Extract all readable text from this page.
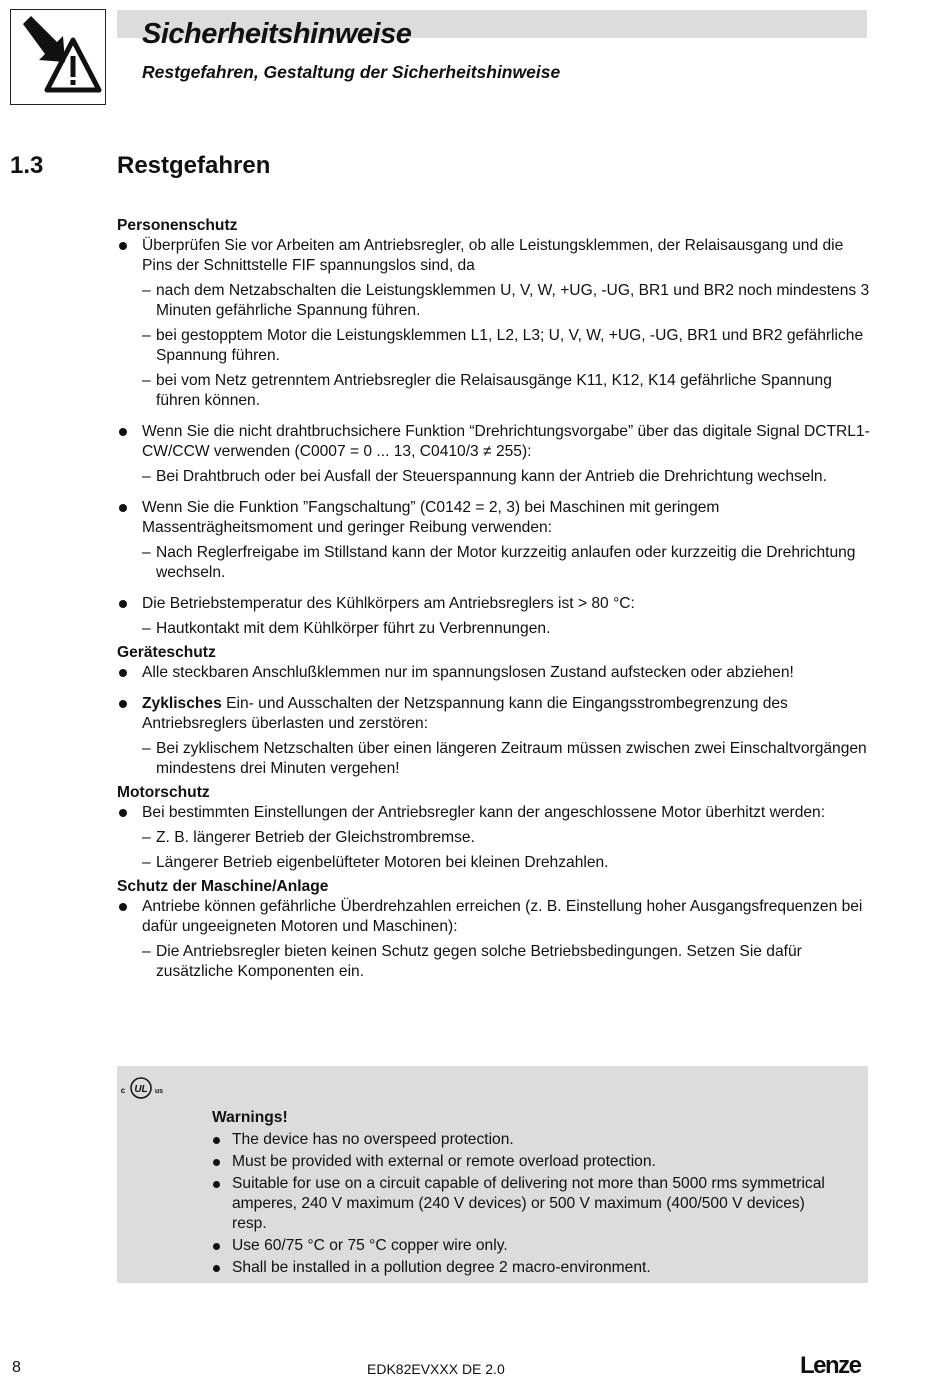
Sicherheitshinweise
Restgefahren, Gestaltung der Sicherheitshinweise
1.3	Restgefahren

Personenschutz

Überprüfen Sie vor Arbeiten am Antriebsregler, ob alle Leistungsklemmen, der Relaisausgang und die Pins der Schnittstelle FIF spannungslos sind, da
– nach dem Netzabschalten die Leistungsklemmen U, V, W, +UG, -UG, BR1 und BR2 noch mindestens 3 Minuten gefährliche Spannung führen.
– bei gestopptem Motor die Leistungsklemmen L1, L2, L3; U, V, W, +UG, -UG, BR1 und BR2 gefährliche Spannung führen.
– bei vom Netz getrenntem Antriebsregler die Relaisausgänge K11, K12, K14 gefährliche Spannung führen können.
Wenn Sie die nicht drahtbruchsichere Funktion “Drehrichtungsvorgabe” über das digitale Signal DCTRL1-CW/CCW verwenden (C0007 = 0 ... 13, C0410/3 ≠ 255):
– Bei Drahtbruch oder bei Ausfall der Steuerspannung kann der Antrieb die Drehrichtung wechseln.
Wenn Sie die Funktion ”Fangschaltung” (C0142 = 2, 3) bei Maschinen mit geringem Massenträgheitsmoment und geringer Reibung verwenden:
– Nach Reglerfreigabe im Stillstand kann der Motor kurzzeitig anlaufen oder kurzzeitig die Drehrichtung wechseln.
Die Betriebstemperatur des Kühlkörpers am Antriebsreglers ist > 80 °C:
– Hautkontakt mit dem Kühlkörper führt zu Verbrennungen.

Geräteschutz

Alle steckbaren Anschlußklemmen nur im spannungslosen Zustand aufstecken oder abziehen!
Zyklisches Ein- und Ausschalten der Netzspannung kann die Eingangsstrombegrenzung des Antriebsreglers überlasten und zerstören:
– Bei zyklischem Netzschalten über einen längeren Zeitraum müssen zwischen zwei Einschaltvorgängen mindestens drei Minuten vergehen!

Motorschutz

Bei bestimmten Einstellungen der Antriebsregler kann der angeschlossene Motor überhitzt werden:
– Z. B. längerer Betrieb der Gleichstrombremse.
– Längerer Betrieb eigenbelüfteter Motoren bei kleinen Drehzahlen.

Schutz der Maschine/Anlage

Antriebe können gefährliche Überdrehzahlen erreichen (z. B. Einstellung hoher Ausgangsfrequenzen bei dafür ungeeigneten Motoren und Maschinen):
– Die Antriebsregler bieten keinen Schutz gegen solche Betriebsbedingungen. Setzen Sie dafür zusätzliche Komponenten ein.
UL
c	us

Warnings!

The device has no overspeed protection.
Must be provided with external or remote overload protection.
Suitable for use on a circuit capable of delivering not more than 5000 rms symmetrical amperes, 240 V maximum (240 V devices) or 500 V maximum (400/500 V devices) resp.
Use 60/75 °C or 75 °C copper wire only.
Shall be installed in a pollution degree 2 macro-environment.
8	EDK82EVXXX DE 2.0	Lenze
